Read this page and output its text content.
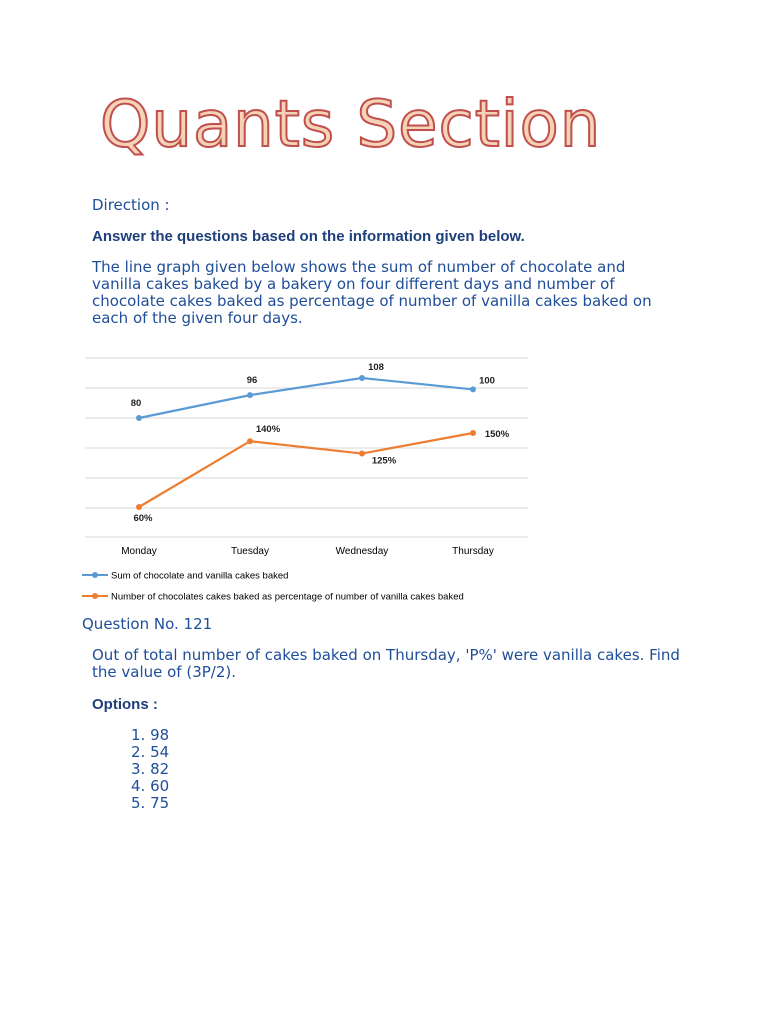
Quants Section
Direction :
Answer the questions based on the information given below.
The line graph given below shows the sum of number of chocolate and vanilla cakes baked by a bakery on four different days and number of chocolate cakes baked as percentage of number of vanilla cakes baked on each of the given four days.
Monday	Tuesday	Wednesday	Thursday
80
96
108
100
60%
140%
125%
150%
Sum of chocolate and vanilla cakes baked
Number of chocolates cakes baked as percentage of number of vanilla cakes baked
Question No. 121
Out of total number of cakes baked on Thursday, 'P%' were vanilla cakes. Find the value of (3P/2).
Options :
1. 98
2. 54
3. 82
4. 60
5. 75
